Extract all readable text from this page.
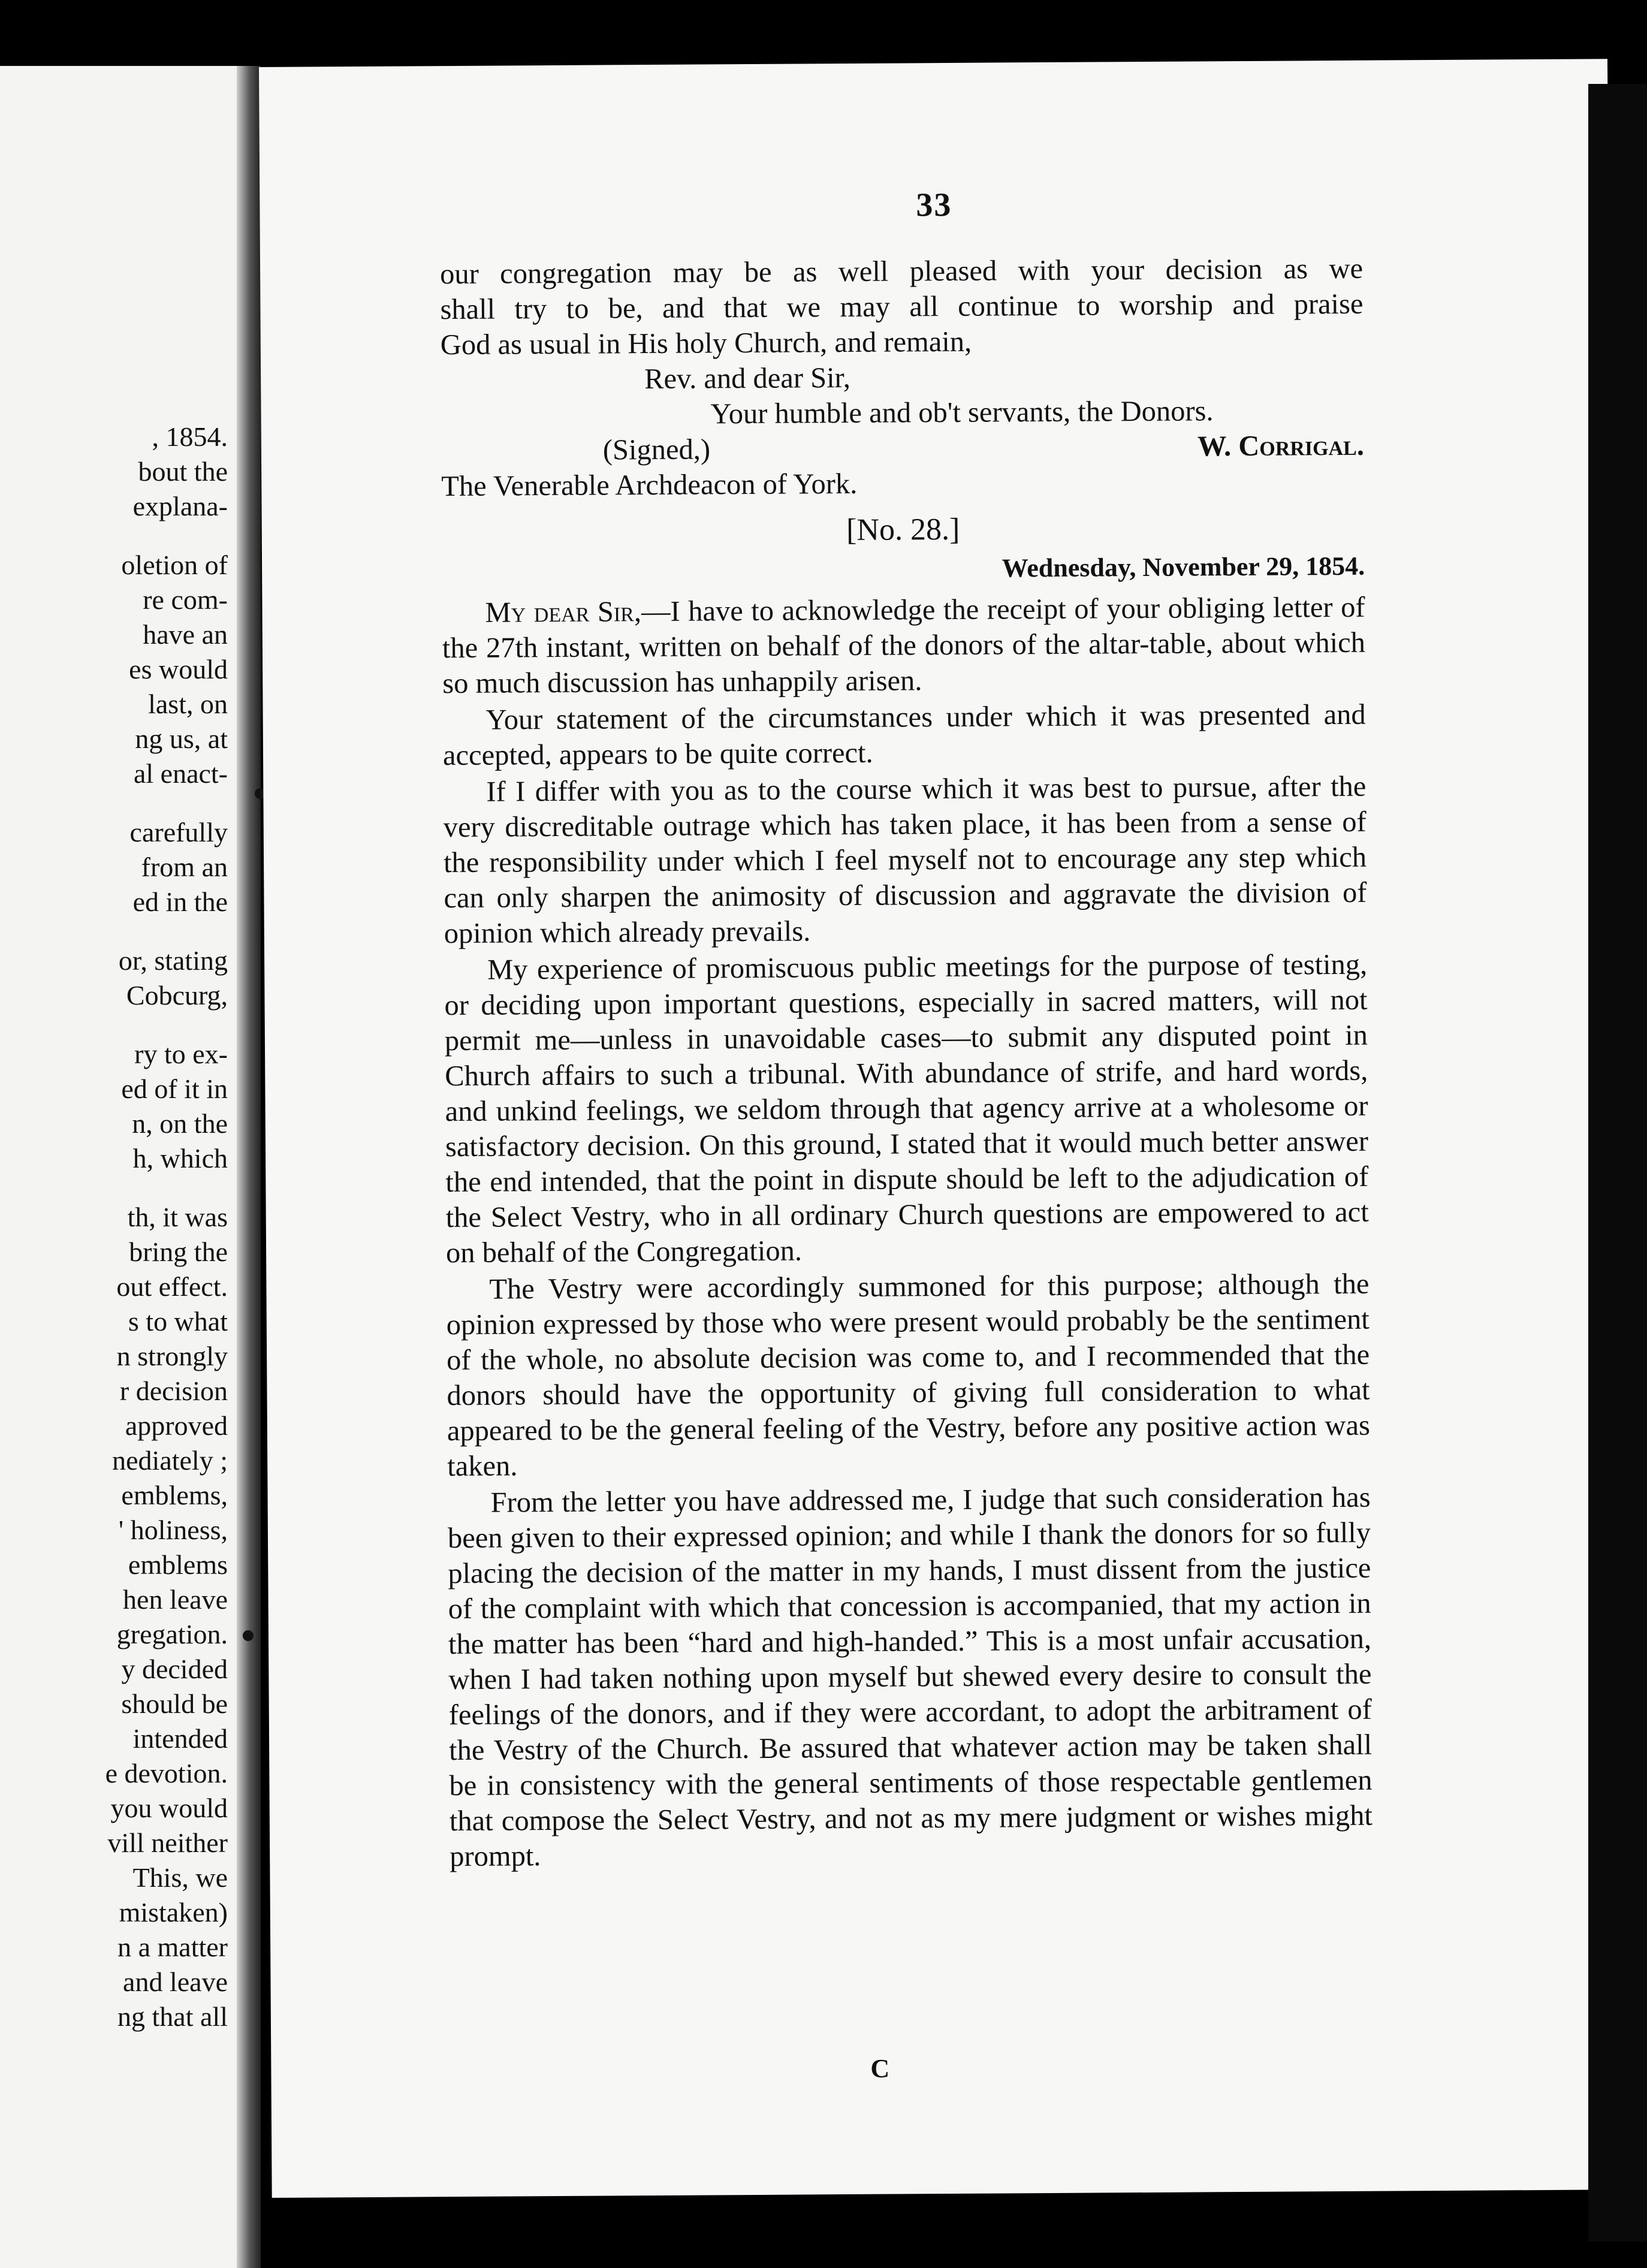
, 1854.
bout the
explana-
oletion of
re com-
have an
es would
last, on
ng us, at
al enact-
carefully
from an
ed in the
or, stating
Cobcurg,
ry to ex-
ed of it in
n, on the
h, which
th, it was
bring the
out effect.
s to what
n strongly
r decision
approved
nediately ;
emblems,
' holiness,
emblems
hen leave
gregation.
y decided
should be
intended
e devotion.
you would
vill neither
This, we
mistaken)
n a matter
and leave
ng that all
33
our congregation may be as well pleased with your decision as we
shall try to be, and that we may all continue to worship and praise
God as usual in His holy Church, and remain,
Rev. and dear Sir,
Your humble and ob't servants, the Donors.
(Signed,)	W. Corrigal.
The Venerable Archdeacon of York.
[No. 28.]
Wednesday, November 29, 1854.
My dear Sir,—I have to acknowledge the receipt of your obliging letter of the 27th instant, written on behalf of the donors of the altar-table, about which so much discussion has unhappily arisen.
Your statement of the circumstances under which it was presented and accepted, appears to be quite correct.
If I differ with you as to the course which it was best to pursue, after the very discreditable outrage which has taken place, it has been from a sense of the responsibility under which I feel myself not to encourage any step which can only sharpen the animosity of discussion and aggravate the division of opinion which already prevails.
My experience of promiscuous public meetings for the purpose of testing, or deciding upon important questions, especially in sacred matters, will not permit me—unless in unavoidable cases—to submit any disputed point in Church affairs to such a tribunal. With abundance of strife, and hard words, and unkind feelings, we seldom through that agency arrive at a wholesome or satisfactory decision. On this ground, I stated that it would much better answer the end intended, that the point in dispute should be left to the adjudication of the Select Vestry, who in all ordinary Church questions are empowered to act on behalf of the Congregation.
The Vestry were accordingly summoned for this purpose; although the opinion expressed by those who were present would probably be the sentiment of the whole, no absolute decision was come to, and I recommended that the donors should have the opportunity of giving full consideration to what appeared to be the general feeling of the Vestry, before any positive action was taken.
From the letter you have addressed me, I judge that such consideration has been given to their expressed opinion; and while I thank the donors for so fully placing the decision of the matter in my hands, I must dissent from the justice of the complaint with which that concession is accompanied, that my action in the matter has been “hard and high-handed.” This is a most unfair accusation, when I had taken nothing upon myself but shewed every desire to consult the feelings of the donors, and if they were accordant, to adopt the arbitrament of the Vestry of the Church. Be assured that whatever action may be taken shall be in consistency with the general sentiments of those respectable gentlemen that compose the Select Vestry, and not as my mere judgment or wishes might prompt.
C
